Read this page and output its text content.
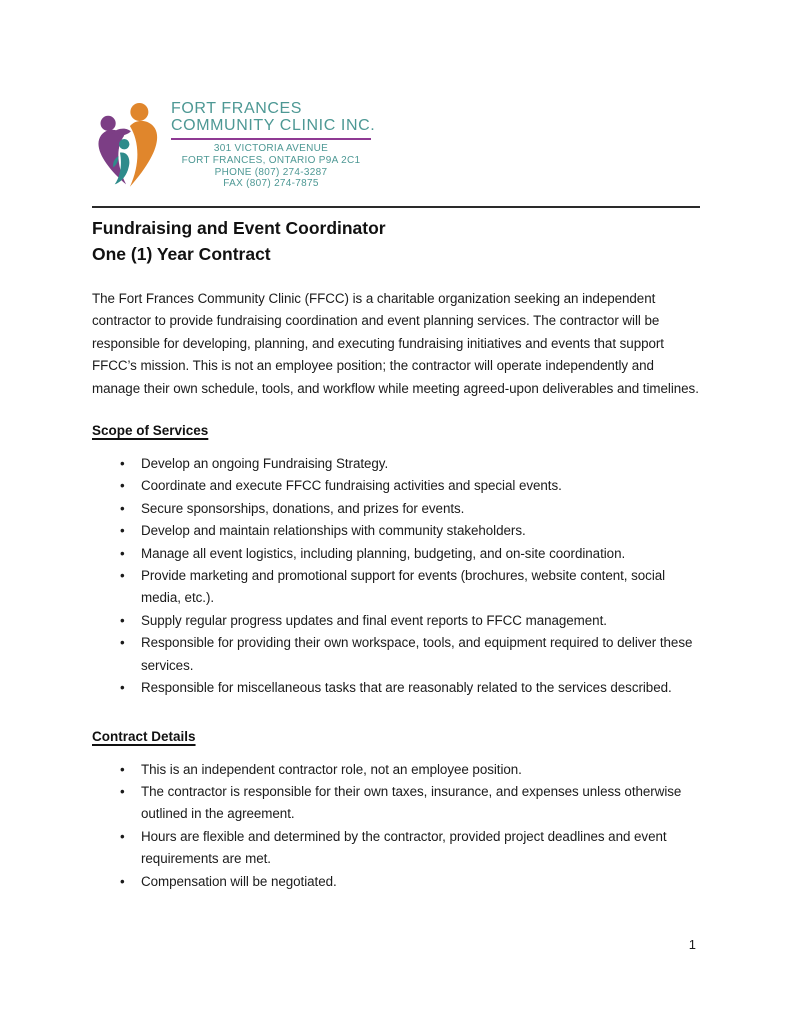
FORT FRANCES
COMMUNITY CLINIC INC.
301 VICTORIA AVENUE
FORT FRANCES, ONTARIO P9A 2C1
PHONE (807) 274-3287
FAX (807) 274-7875
Fundraising and Event Coordinator
One (1) Year Contract

The Fort Frances Community Clinic (FFCC) is a charitable organization seeking an independent contractor to provide fundraising coordination and event planning services. The contractor will be responsible for developing, planning, and executing fundraising initiatives and events that support FFCC’s mission. This is not an employee position; the contractor will operate independently and manage their own schedule, tools, and workflow while meeting agreed-upon deliverables and timelines.

Scope of Services
• Develop an ongoing Fundraising Strategy.
• Coordinate and execute FFCC fundraising activities and special events.
• Secure sponsorships, donations, and prizes for events.
• Develop and maintain relationships with community stakeholders.
• Manage all event logistics, including planning, budgeting, and on-site coordination.
• Provide marketing and promotional support for events (brochures, website content, social media, etc.).
• Supply regular progress updates and final event reports to FFCC management.
• Responsible for providing their own workspace, tools, and equipment required to deliver these services.
• Responsible for miscellaneous tasks that are reasonably related to the services described.
Contract Details
• This is an independent contractor role, not an employee position.
• The contractor is responsible for their own taxes, insurance, and expenses unless otherwise outlined in the agreement.
• Hours are flexible and determined by the contractor, provided project deadlines and event requirements are met.
• Compensation will be negotiated.
1
